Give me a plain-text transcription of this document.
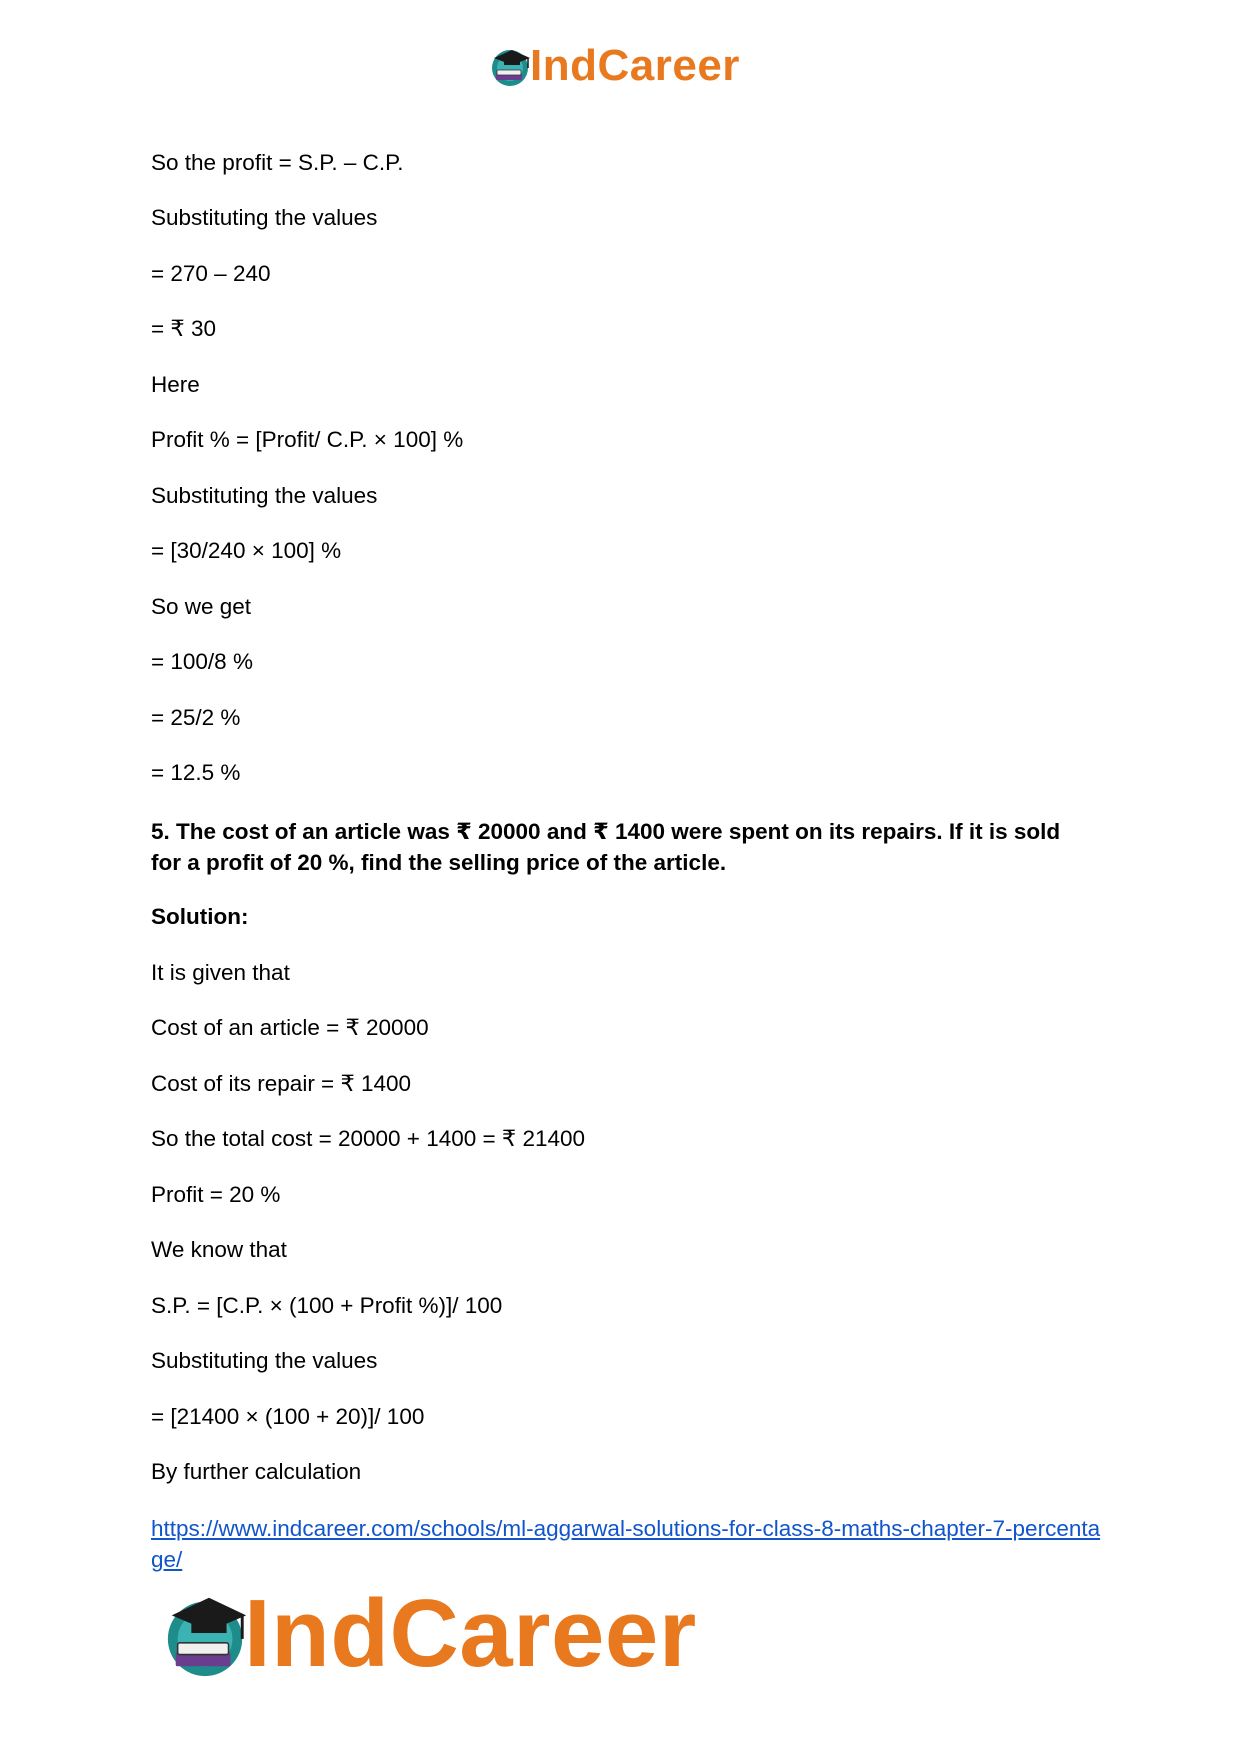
IndCareer
So the profit = S.P. – C.P.
Substituting the values
= 270 – 240
= ₹ 30
Here
Profit % = [Profit/ C.P. × 100] %
Substituting the values
= [30/240 × 100] %
So we get
= 100/8 %
= 25/2 %
= 12.5 %
5. The cost of an article was ₹ 20000 and ₹ 1400 were spent on its repairs. If it is sold for a profit of 20 %, find the selling price of the article.
Solution:
It is given that
Cost of an article = ₹ 20000
Cost of its repair = ₹ 1400
So the total cost = 20000 + 1400 = ₹ 21400
Profit = 20 %
We know that
S.P. = [C.P. × (100 + Profit %)]/ 100
Substituting the values
= [21400 × (100 + 20)]/ 100
By further calculation
https://www.indcareer.com/schools/ml-aggarwal-solutions-for-class-8-maths-chapter-7-percentage/
IndCareer
